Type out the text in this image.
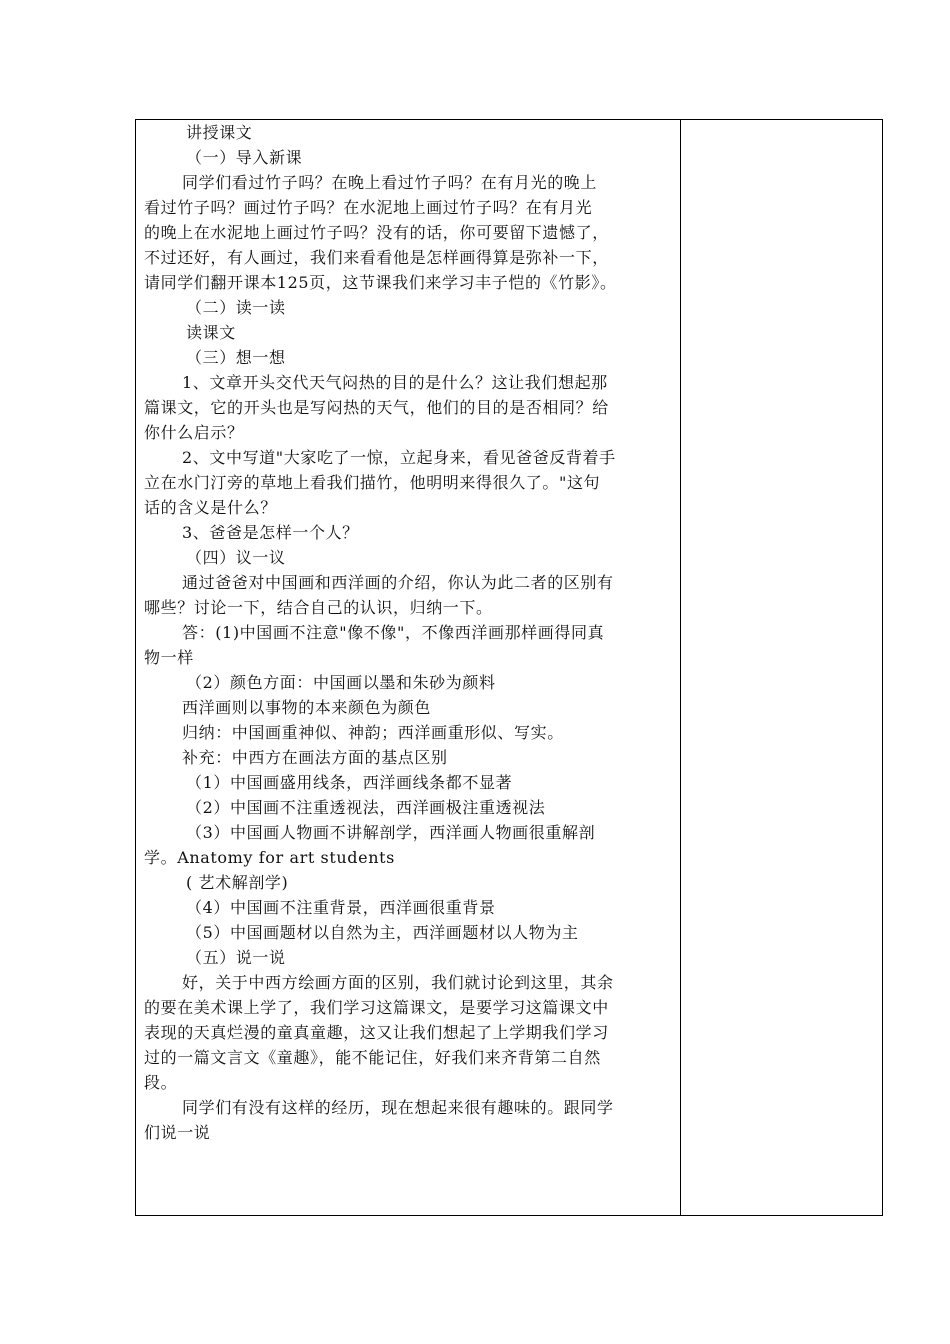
讲授课文
（一）导入新课
同学们看过竹子吗？在晚上看过竹子吗？在有月光的晚上
看过竹子吗？画过竹子吗？在水泥地上画过竹子吗？在有月光
的晚上在水泥地上画过竹子吗？没有的话，你可要留下遗憾了，
不过还好，有人画过，我们来看看他是怎样画得算是弥补一下，
请同学们翻开课本125页，这节课我们来学习丰子恺的《竹影》。
（二）读一读
读课文
（三）想一想
1、文章开头交代天气闷热的目的是什么？这让我们想起那
篇课文，它的开头也是写闷热的天气，他们的目的是否相同？给
你什么启示？
2、文中写道"大家吃了一惊，立起身来，看见爸爸反背着手
立在水门汀旁的草地上看我们描竹，他明明来得很久了。"这句
话的含义是什么？
3、爸爸是怎样一个人？
（四）议一议
通过爸爸对中国画和西洋画的介绍，你认为此二者的区别有
哪些？讨论一下，结合自己的认识，归纳一下。
答：(1)中国画不注意"像不像"，不像西洋画那样画得同真
物一样
（2）颜色方面：中国画以墨和朱砂为颜料
西洋画则以事物的本来颜色为颜色
归纳：中国画重神似、神韵；西洋画重形似、写实。
补充：中西方在画法方面的基点区别
（1）中国画盛用线条，西洋画线条都不显著
（2）中国画不注重透视法，西洋画极注重透视法
（3）中国画人物画不讲解剖学，西洋画人物画很重解剖
学。Anatomy for art students
( 艺术解剖学)
（4）中国画不注重背景，西洋画很重背景
（5）中国画题材以自然为主，西洋画题材以人物为主
（五）说一说
好，关于中西方绘画方面的区别，我们就讨论到这里，其余
的要在美术课上学了，我们学习这篇课文，是要学习这篇课文中
表现的天真烂漫的童真童趣，这又让我们想起了上学期我们学习
过的一篇文言文《童趣》，能不能记住，好我们来齐背第二自然
段。
同学们有没有这样的经历，现在想起来很有趣味的。跟同学
们说一说
